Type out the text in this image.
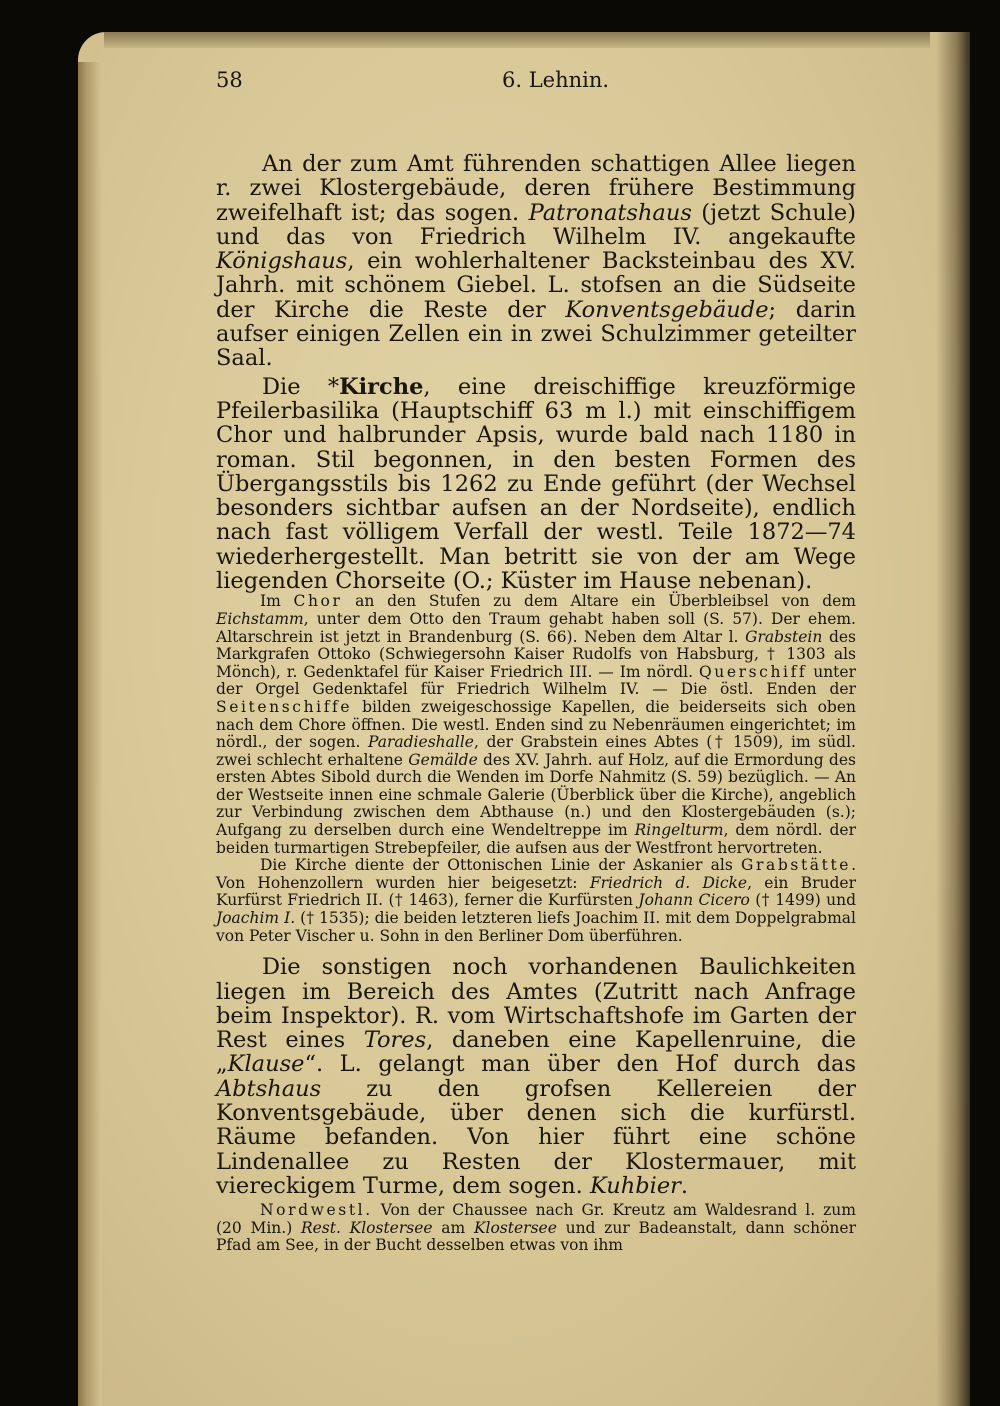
58	6. Lehnin.

An der zum Amt führenden schattigen Allee liegen r. zwei Klostergebäude, deren frühere Bestimmung zweifelhaft ist; das sogen. Patronatshaus (jetzt Schule) und das von Friedrich Wilhelm IV. angekaufte Königshaus, ein wohlerhaltener Backsteinbau des XV. Jahrh. mit schönem Giebel. L. stofsen an die Südseite der Kirche die Reste der Konventsgebäude; darin aufser einigen Zellen ein in zwei Schulzimmer geteilter Saal.

Die *Kirche, eine dreischiffige kreuzförmige Pfeilerbasilika (Hauptschiff 63 m l.) mit einschiffigem Chor und halbrunder Apsis, wurde bald nach 1180 in roman. Stil begonnen, in den besten Formen des Übergangsstils bis 1262 zu Ende geführt (der Wechsel besonders sichtbar aufsen an der Nordseite), endlich nach fast völligem Verfall der westl. Teile 1872—74 wiederhergestellt. Man betritt sie von der am Wege liegenden Chorseite (O.; Küster im Hause nebenan).

Im Chor an den Stufen zu dem Altare ein Überbleibsel von dem Eichstamm, unter dem Otto den Traum gehabt haben soll (S. 57). Der ehem. Altarschrein ist jetzt in Brandenburg (S. 66). Neben dem Altar l. Grabstein des Markgrafen Ottoko (Schwiegersohn Kaiser Rudolfs von Habsburg, † 1303 als Mönch), r. Gedenktafel für Kaiser Friedrich III. — Im nördl. Querschiff unter der Orgel Gedenktafel für Friedrich Wilhelm IV. — Die östl. Enden der Seitenschiffe bilden zweigeschossige Kapellen, die beiderseits sich oben nach dem Chore öffnen. Die westl. Enden sind zu Nebenräumen eingerichtet; im nördl., der sogen. Paradieshalle, der Grabstein eines Abtes († 1509), im südl. zwei schlecht erhaltene Gemälde des XV. Jahrh. auf Holz, auf die Ermordung des ersten Abtes Sibold durch die Wenden im Dorfe Nahmitz (S. 59) bezüglich. — An der Westseite innen eine schmale Galerie (Überblick über die Kirche), angeblich zur Verbindung zwischen dem Abthause (n.) und den Klostergebäuden (s.); Aufgang zu derselben durch eine Wendeltreppe im Ringelturm, dem nördl. der beiden turmartigen Strebepfeiler, die aufsen aus der Westfront hervortreten.

Die Kirche diente der Ottonischen Linie der Askanier als Grabstätte. Von Hohenzollern wurden hier beigesetzt: Friedrich d. Dicke, ein Bruder Kurfürst Friedrich II. († 1463), ferner die Kurfürsten Johann Cicero († 1499) und Joachim I. († 1535); die beiden letzteren liefs Joachim II. mit dem Doppelgrabmal von Peter Vischer u. Sohn in den Berliner Dom überführen.

Die sonstigen noch vorhandenen Baulichkeiten liegen im Bereich des Amtes (Zutritt nach Anfrage beim Inspektor). R. vom Wirtschaftshofe im Garten der Rest eines Tores, daneben eine Kapellenruine, die „Klause“. L. gelangt man über den Hof durch das Abtshaus zu den grofsen Kellereien der Konventsgebäude, über denen sich die kurfürstl. Räume befanden. Von hier führt eine schöne Lindenallee zu Resten der Klostermauer, mit viereckigem Turme, dem sogen. Kuhbier.

Nordwestl. Von der Chaussee nach Gr. Kreutz am Waldesrand l. zum (20 Min.) Rest. Klostersee am Klostersee und zur Badeanstalt, dann schöner Pfad am See, in der Bucht desselben etwas von ihm
